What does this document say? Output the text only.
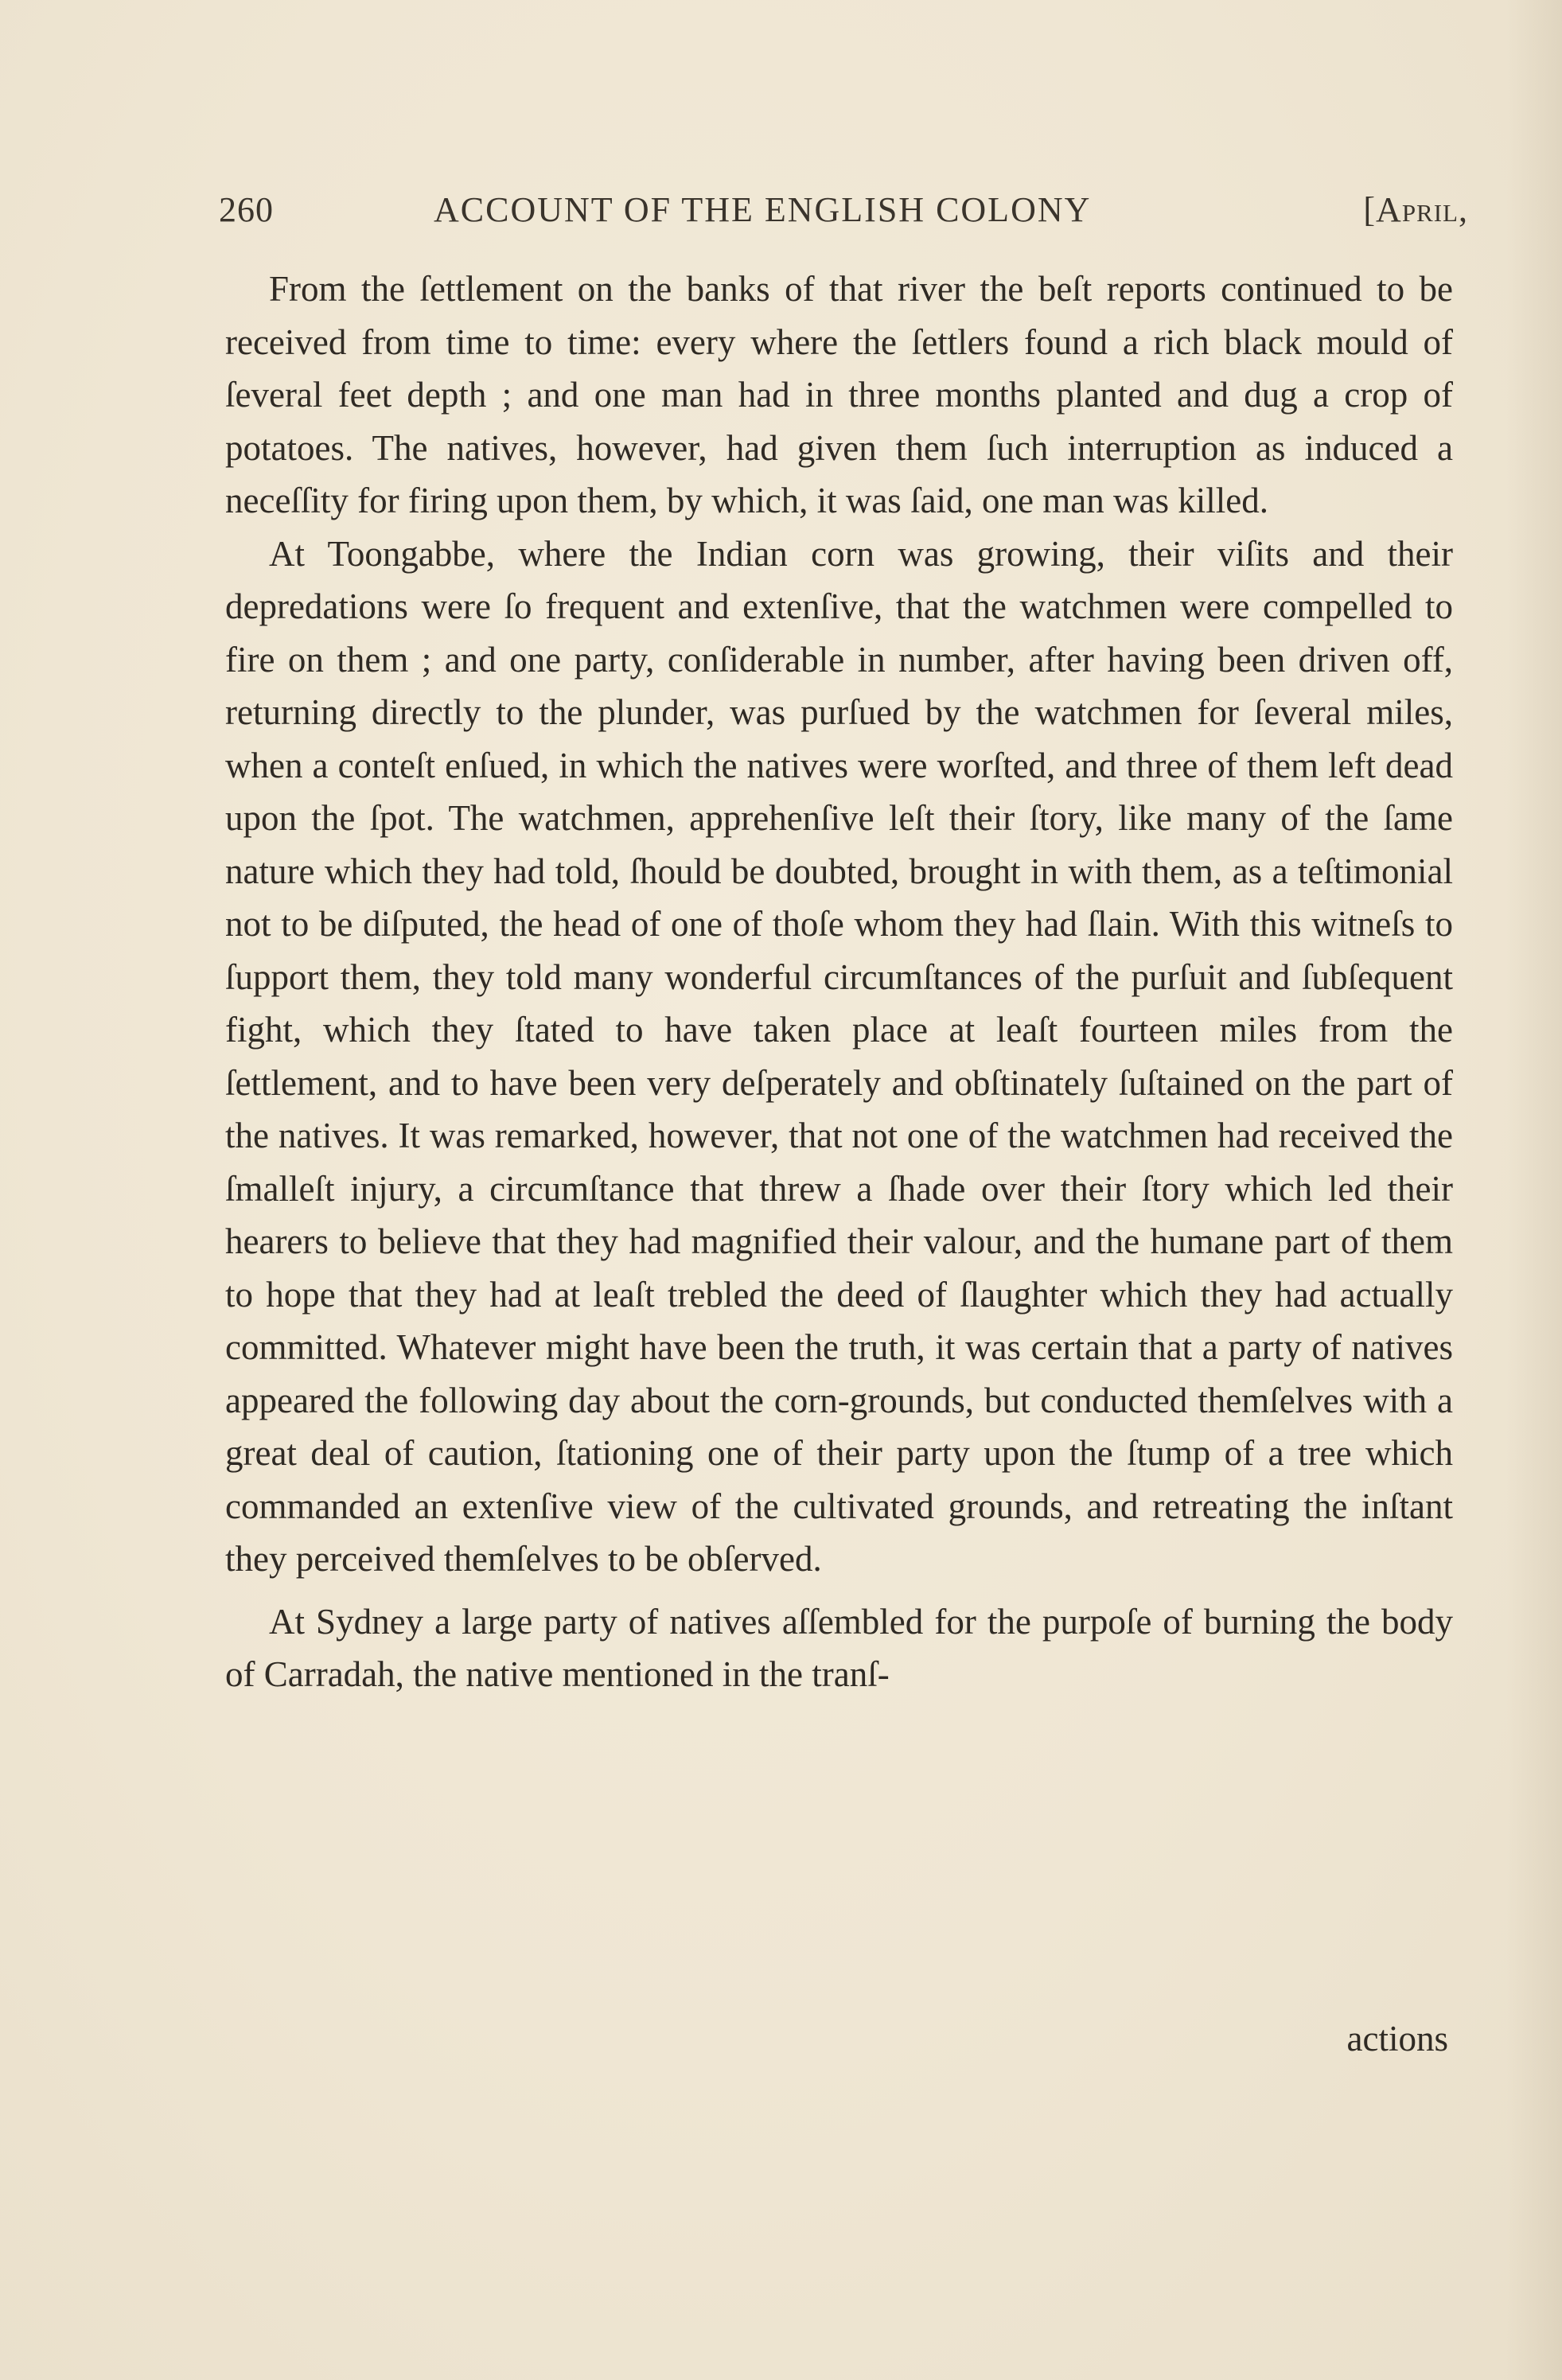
260	ACCOUNT OF THE ENGLISH COLONY	[April,

From the ſettlement on the banks of that river the beſt reports continued to be received from time to time: every where the ſettlers found a rich black mould of ſeveral feet depth ; and one man had in three months planted and dug a crop of potatoes. The natives, however, had given them ſuch interruption as induced a neceſſity for firing upon them, by which, it was ſaid, one man was killed.

At Toongabbe, where the Indian corn was growing, their viſits and their depredations were ſo frequent and extenſive, that the watchmen were compelled to fire on them ; and one party, conſiderable in number, after having been driven off, returning directly to the plunder, was purſued by the watchmen for ſeveral miles, when a conteſt enſued, in which the natives were worſted, and three of them left dead upon the ſpot. The watchmen, apprehenſive leſt their ſtory, like many of the ſame nature which they had told, ſhould be doubted, brought in with them, as a teſtimonial not to be diſputed, the head of one of thoſe whom they had ſlain. With this witneſs to ſupport them, they told many wonderful circumſtances of the purſuit and ſubſequent fight, which they ſtated to have taken place at leaſt fourteen miles from the ſettlement, and to have been very deſperately and obſtinately ſuſtained on the part of the natives. It was remarked, however, that not one of the watchmen had received the ſmalleſt injury, a circumſtance that threw a ſhade over their ſtory which led their hearers to believe that they had magnified their valour, and the humane part of them to hope that they had at leaſt trebled the deed of ſlaughter which they had actually committed. Whatever might have been the truth, it was certain that a party of natives appeared the following day about the corn-grounds, but conducted themſelves with a great deal of caution, ſtationing one of their party upon the ſtump of a tree which commanded an extenſive view of the cultivated grounds, and retreating the inſtant they perceived themſelves to be obſerved.

At Sydney a large party of natives aſſembled for the purpoſe of burning the body of Carradah, the native mentioned in the tranſ-

actions
